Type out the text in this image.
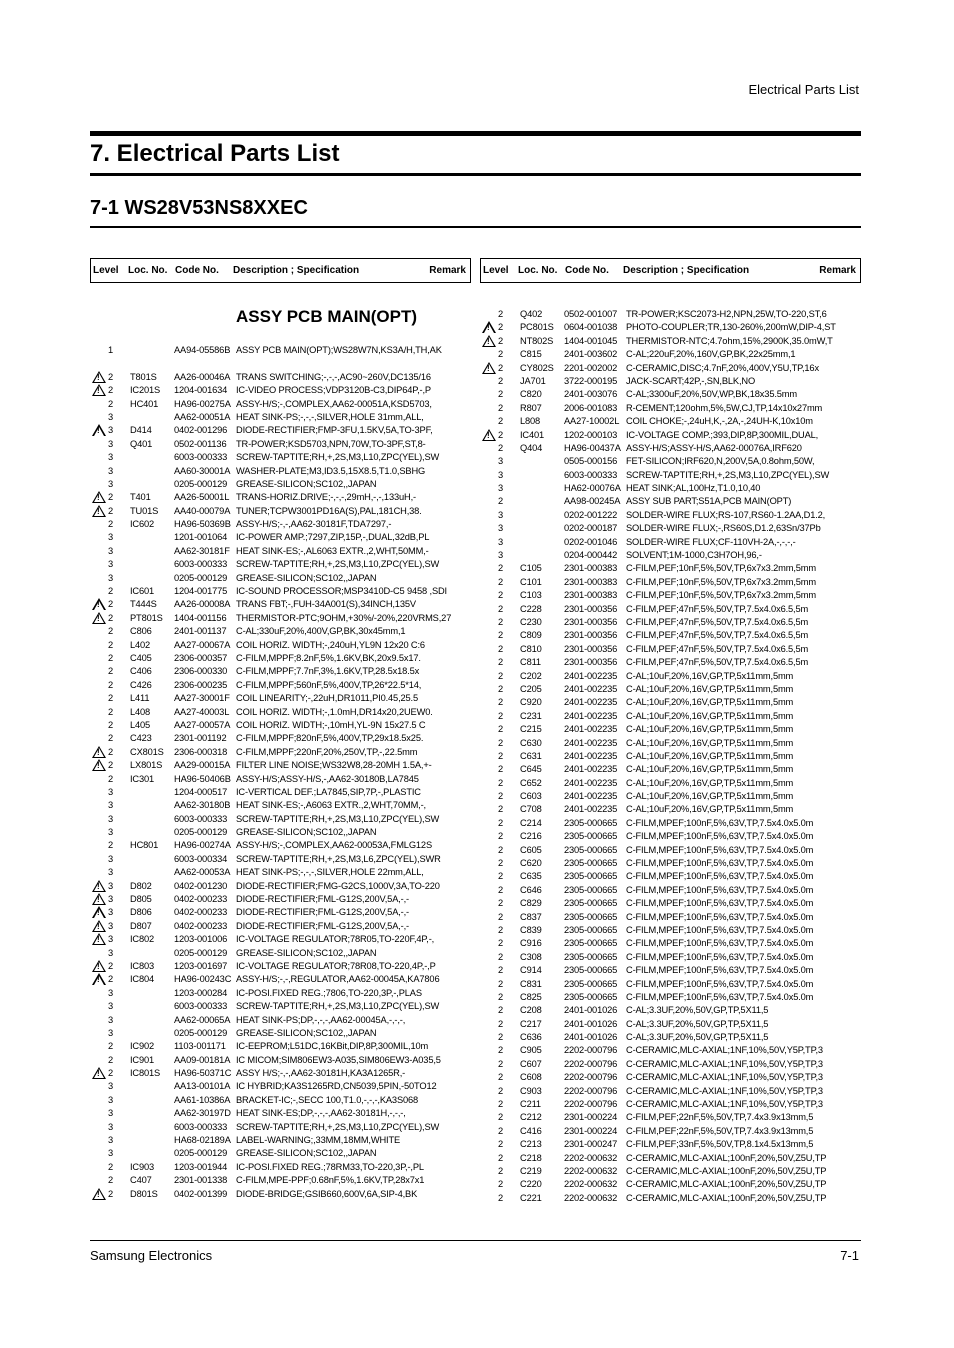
Electrical Parts List
7. Electrical Parts List
7-1 WS28V53NS8XXEC
Level Loc. No. Code No. Description ; Specification	Remark
ASSY PCB MAIN(OPT)
1	AA94-05586B ASSY PCB MAIN(OPT);WS28W7N,KS3A/H,TH,AK
!
2 T801S AA26-00046A TRANS SWITCHING;-,-,-,AC90~260V,DC135/16
!
2 IC201S 1204-001634 IC-VIDEO PROCESS;VDP3120B-C3,DIP64P,-,P
2 HC401 HA96-00275A ASSY-H/S;-,COMPLEX,AA62-00051A,KSD5703,
3	AA62-00051A HEAT SINK-PS;-,-,-,SILVER,HOLE 31mm,ALL,
!
3 D414 0402-001296 DIODE-RECTIFIER;FMP-3FU,1.5KV,5A,TO-3PF,
3 Q401 0502-001136 TR-POWER;KSD5703,NPN,70W,TO-3PF,ST,8-
3	6003-000333 SCREW-TAPTITE;RH,+,2S,M3,L10,ZPC(YEL),SW
3	AA60-30001A WASHER-PLATE;M3,ID3.5,15X8.5,T1.0,SBHG
3	0205-000129 GREASE-SILICON;SC102,,JAPAN
!
2 T401	AA26-50001L TRANS-HORIZ.DRIVE;-,-,-,29mH,-,-,133uH,-
!
2 TU01S AA40-00079A TUNER;TCPW3001PD16A(S),PAL,181CH,38.
2 IC602 HA96-50369B ASSY-H/S;-,-,AA62-30181F,TDA7297,-
3	1201-001064 IC-POWER AMP.;7297,ZIP,15P,-,DUAL,32dB,PL
3	AA62-30181F HEAT SINK-ES;-,AL6063 EXTR.,2,WHT,50MM,-
3	6003-000333 SCREW-TAPTITE;RH,+,2S,M3,L10,ZPC(YEL),SW
3	0205-000129 GREASE-SILICON;SC102,,JAPAN
2 IC601 1204-001775 IC-SOUND PROCESSOR;MSP3410D-C5 9458 ,SDI
!
2 T444S AA26-00008A TRANS FBT;-,FUH-34A001(S),34INCH,135V
!
2 PT801S 1404-001156 THERMISTOR-PTC;9OHM,+30%/-20%,220VRMS,27
2 C806 2401-001137 C-AL;330uF,20%,400V,GP,BK,30x45mm,1
2 L402	AA27-00067A COIL HORIZ. WIDTH;-,240uH,YL9N 12x20 C:6
2 C405 2306-000357 C-FILM,MPPF;8.2nF,5%,1.6KV,BK,20x9.5x17.
2 C406 2306-000330 C-FILM,MPPF;7.7nF,3%,1.6KV,TP,28.5x18.5x
2 C426 2306-000235 C-FILM,MPPF;560nF,5%,400V,TP,26*22.5*14,
2 L411	AA27-30001F COIL LINEARITY;-,22uH,DR1011,PI0.45,25.5
2 L408	AA27-40003L COIL HORIZ. WIDTH;-,1.0mH,DR14x20,2UEW0.
2 L405	AA27-00057A COIL HORIZ. WIDTH;-,10mH,YL-9N 15x27.5 C
2 C423 2301-001192 C-FILM,MPPF;820nF,5%,400V,TP,29x18.5x25.
!
2 CX801S 2306-000318 C-FILM,MPPF;220nF,20%,250V,TP,-,22.5mm
!
2 LX801S AA29-00015A FILTER LINE NOISE;WS32W8,28-20MH 1.5A,+-
2 IC301 HA96-50406B ASSY-H/S;ASSY-H/S,-,AA62-30180B,LA7845
3	1204-000517 IC-VERTICAL DEF.;LA7845,SIP,7P,-,PLASTIC
3	AA62-30180B HEAT SINK-ES;-,A6063 EXTR.,2,WHT,70MM,-,
3	6003-000333 SCREW-TAPTITE;RH,+,2S,M3,L10,ZPC(YEL),SW
3	0205-000129 GREASE-SILICON;SC102,,JAPAN
2 HC801 HA96-00274A ASSY-H/S;-,COMPLEX,AA62-00053A,FMLG12S
3	6003-000334 SCREW-TAPTITE;RH,+,2S,M3,L6,ZPC(YEL),SWR
3	AA62-00053A HEAT SINK-PS;-,-,-,SILVER,HOLE 22mm,ALL,
!
3 D802 0402-001230 DIODE-RECTIFIER;FMG-G2CS,1000V,3A,TO-220
!
3 D805 0402-000233 DIODE-RECTIFIER;FML-G12S,200V,5A,-,-
!
3 D806 0402-000233 DIODE-RECTIFIER;FML-G12S,200V,5A,-,-
!
3 D807 0402-000233 DIODE-RECTIFIER;FML-G12S,200V,5A,-,-
!
3 IC802 1203-001006 IC-VOLTAGE REGULATOR;78R05,TO-220F,4P,-,
3	0205-000129 GREASE-SILICON;SC102,,JAPAN
!
2 IC803 1203-001697 IC-VOLTAGE REGULATOR;78R08,TO-220,4P,-,P
!
2 IC804 HA96-00243C ASSY-H/S;-,-,REGULATOR,AA62-00045A,KA7806
3	1203-000284 IC-POSI.FIXED REG.;7806,TO-220,3P,-,PLAS
3	6003-000333 SCREW-TAPTITE;RH,+,2S,M3,L10,ZPC(YEL),SW
3	AA62-00065A HEAT SINK-PS;DP,-,-,-,AA62-00045A,-,-,-,
3	0205-000129 GREASE-SILICON;SC102,,JAPAN
2 IC902 1103-001171 IC-EEPROM;L51DC,16KBit,DIP,8P,300MIL,10m
2 IC901 AA09-00181A IC MICOM;SIM806EW3-A035,SIM806EW3-A035,5
!
2 IC801S HA96-50371C ASSY H/S;-,-,AA62-30181H,KA3A1265R,-
3	AA13-00101A IC HYBRID;KA3S1265RD,CN5039,5PIN,-50TO12
3	AA61-10386A BRACKET-IC;-,SECC 100,T1.0,-,-,-,KA3S068
3	AA62-30197D HEAT SINK-ES;DP,-,-,-,AA62-30181H,-,-,-,
3	6003-000333 SCREW-TAPTITE;RH,+,2S,M3,L10,ZPC(YEL),SW
3	HA68-02189A LABEL-WARNING;,33MM,18MM,WHITE
3	0205-000129 GREASE-SILICON;SC102,,JAPAN
2 IC903 1203-001944 IC-POSI.FIXED REG.;78RM33,TO-220,3P,-,PL
2 C407 2301-001338 C-FILM,MPE-PPF;0.68nF,5%,1.6KV,TP,28x7x1
!
2 D801S 0402-001399 DIODE-BRIDGE;GSIB660,600V,6A,SIP-4,BK
Level Loc. No. Code No. Description ; Specification	Remark
2 Q402 0502-001007 TR-POWER;KSC2073-H2,NPN,25W,TO-220,ST,6
!
2 PC801S 0604-001038 PHOTO-COUPLER;TR,130-260%,200mW,DIP-4,ST
!
2 NT802S 1404-001045 THERMISTOR-NTC;4.7ohm,15%,2900K,35.0mW,T
2 C815 2401-003602 C-AL;220uF,20%,160V,GP,BK,22x25mm,1
!
2 CY802S 2201-002002 C-CERAMIC,DISC;4.7nF,20%,400V,Y5U,TP,16x
2 JA701 3722-000195 JACK-SCART;42P,-,SN,BLK,NO
2 C820 2401-003076 C-AL;3300uF,20%,50V,WP,BK,18x35.5mm
2 R807 2006-001083 R-CEMENT;120ohm,5%,5W,CJ,TP,14x10x27mm
2 L808	AA27-10002L COIL CHOKE;-,24uH,K,-,2A,-,24UH-K,10x10m
!
2 IC401 1202-000103 IC-VOLTAGE COMP.;393,DIP,8P,300MIL,DUAL,
2 Q404 HA96-00437A ASSY-H/S;ASSY-H/S,AA62-00076A,IRF620
3	0505-000156 FET-SILICON;IRF620,N,200V,5A,0.8ohm,50W,
3	6003-000333 SCREW-TAPTITE;RH,+,2S,M3,L10,ZPC(YEL),SW
3	HA62-00076A HEAT SINK;AL,100Hz,T1.0,10,40
2	AA98-00245A ASSY SUB PART;S51A,PCB MAIN(OPT)
3	0202-001222 SOLDER-WIRE FLUX;RS-107,RS60-1.2AA,D1.2,
3	0202-000187 SOLDER-WIRE FLUX;-,RS60S,D1.2,63Sn/37Pb
3	0202-001046 SOLDER-WIRE FLUX;CF-110VH-2A,-,-,-,-
3	0204-000442 SOLVENT;1M-1000,C3H7OH,96,-
2 C105 2301-000383 C-FILM,PEF;10nF,5%,50V,TP,6x7x3.2mm,5mm
2 C101 2301-000383 C-FILM,PEF;10nF,5%,50V,TP,6x7x3.2mm,5mm
2 C103 2301-000383 C-FILM,PEF;10nF,5%,50V,TP,6x7x3.2mm,5mm
2 C228 2301-000356 C-FILM,PEF;47nF,5%,50V,TP,7.5x4.0x6.5,5m
2 C230 2301-000356 C-FILM,PEF;47nF,5%,50V,TP,7.5x4.0x6.5,5m
2 C809 2301-000356 C-FILM,PEF;47nF,5%,50V,TP,7.5x4.0x6.5,5m
2 C810 2301-000356 C-FILM,PEF;47nF,5%,50V,TP,7.5x4.0x6.5,5m
2 C811 2301-000356 C-FILM,PEF;47nF,5%,50V,TP,7.5x4.0x6.5,5m
2 C202 2401-002235 C-AL;10uF,20%,16V,GP,TP,5x11mm,5mm
2 C205 2401-002235 C-AL;10uF,20%,16V,GP,TP,5x11mm,5mm
2 C920 2401-002235 C-AL;10uF,20%,16V,GP,TP,5x11mm,5mm
2 C231 2401-002235 C-AL;10uF,20%,16V,GP,TP,5x11mm,5mm
2 C215 2401-002235 C-AL;10uF,20%,16V,GP,TP,5x11mm,5mm
2 C630 2401-002235 C-AL;10uF,20%,16V,GP,TP,5x11mm,5mm
2 C631 2401-002235 C-AL;10uF,20%,16V,GP,TP,5x11mm,5mm
2 C645 2401-002235 C-AL;10uF,20%,16V,GP,TP,5x11mm,5mm
2 C652 2401-002235 C-AL;10uF,20%,16V,GP,TP,5x11mm,5mm
2 C603 2401-002235 C-AL;10uF,20%,16V,GP,TP,5x11mm,5mm
2 C708 2401-002235 C-AL;10uF,20%,16V,GP,TP,5x11mm,5mm
2 C214 2305-000665 C-FILM,MPEF;100nF,5%,63V,TP,7.5x4.0x5.0m
2 C216 2305-000665 C-FILM,MPEF;100nF,5%,63V,TP,7.5x4.0x5.0m
2 C605 2305-000665 C-FILM,MPEF;100nF,5%,63V,TP,7.5x4.0x5.0m
2 C620 2305-000665 C-FILM,MPEF;100nF,5%,63V,TP,7.5x4.0x5.0m
2 C635 2305-000665 C-FILM,MPEF;100nF,5%,63V,TP,7.5x4.0x5.0m
2 C646 2305-000665 C-FILM,MPEF;100nF,5%,63V,TP,7.5x4.0x5.0m
2 C829 2305-000665 C-FILM,MPEF;100nF,5%,63V,TP,7.5x4.0x5.0m
2 C837 2305-000665 C-FILM,MPEF;100nF,5%,63V,TP,7.5x4.0x5.0m
2 C839 2305-000665 C-FILM,MPEF;100nF,5%,63V,TP,7.5x4.0x5.0m
2 C916 2305-000665 C-FILM,MPEF;100nF,5%,63V,TP,7.5x4.0x5.0m
2 C308 2305-000665 C-FILM,MPEF;100nF,5%,63V,TP,7.5x4.0x5.0m
2 C914 2305-000665 C-FILM,MPEF;100nF,5%,63V,TP,7.5x4.0x5.0m
2 C831 2305-000665 C-FILM,MPEF;100nF,5%,63V,TP,7.5x4.0x5.0m
2 C825 2305-000665 C-FILM,MPEF;100nF,5%,63V,TP,7.5x4.0x5.0m
2 C208 2401-001026 C-AL;3.3UF,20%,50V,GP,TP,5X11,5
2 C217 2401-001026 C-AL;3.3UF,20%,50V,GP,TP,5X11,5
2 C636 2401-001026 C-AL;3.3UF,20%,50V,GP,TP,5X11,5
2 C905 2202-000796 C-CERAMIC,MLC-AXIAL;1NF,10%,50V,Y5P,TP,3
2 C607 2202-000796 C-CERAMIC,MLC-AXIAL;1NF,10%,50V,Y5P,TP,3
2 C608 2202-000796 C-CERAMIC,MLC-AXIAL;1NF,10%,50V,Y5P,TP,3
2 C903 2202-000796 C-CERAMIC,MLC-AXIAL;1NF,10%,50V,Y5P,TP,3
2 C211 2202-000796 C-CERAMIC,MLC-AXIAL;1NF,10%,50V,Y5P,TP,3
2 C212 2301-000224 C-FILM,PEF;22nF,5%,50V,TP,7.4x3.9x13mm,5
2 C416 2301-000224 C-FILM,PEF;22nF,5%,50V,TP,7.4x3.9x13mm,5
2 C213 2301-000247 C-FILM,PEF;33nF,5%,50V,TP,8.1x4.5x13mm,5
2 C218 2202-000632 C-CERAMIC,MLC-AXIAL;100nF,20%,50V,Z5U,TP
2 C219 2202-000632 C-CERAMIC,MLC-AXIAL;100nF,20%,50V,Z5U,TP
2 C220 2202-000632 C-CERAMIC,MLC-AXIAL;100nF,20%,50V,Z5U,TP
2 C221 2202-000632 C-CERAMIC,MLC-AXIAL;100nF,20%,50V,Z5U,TP
Samsung Electronics	7-1
